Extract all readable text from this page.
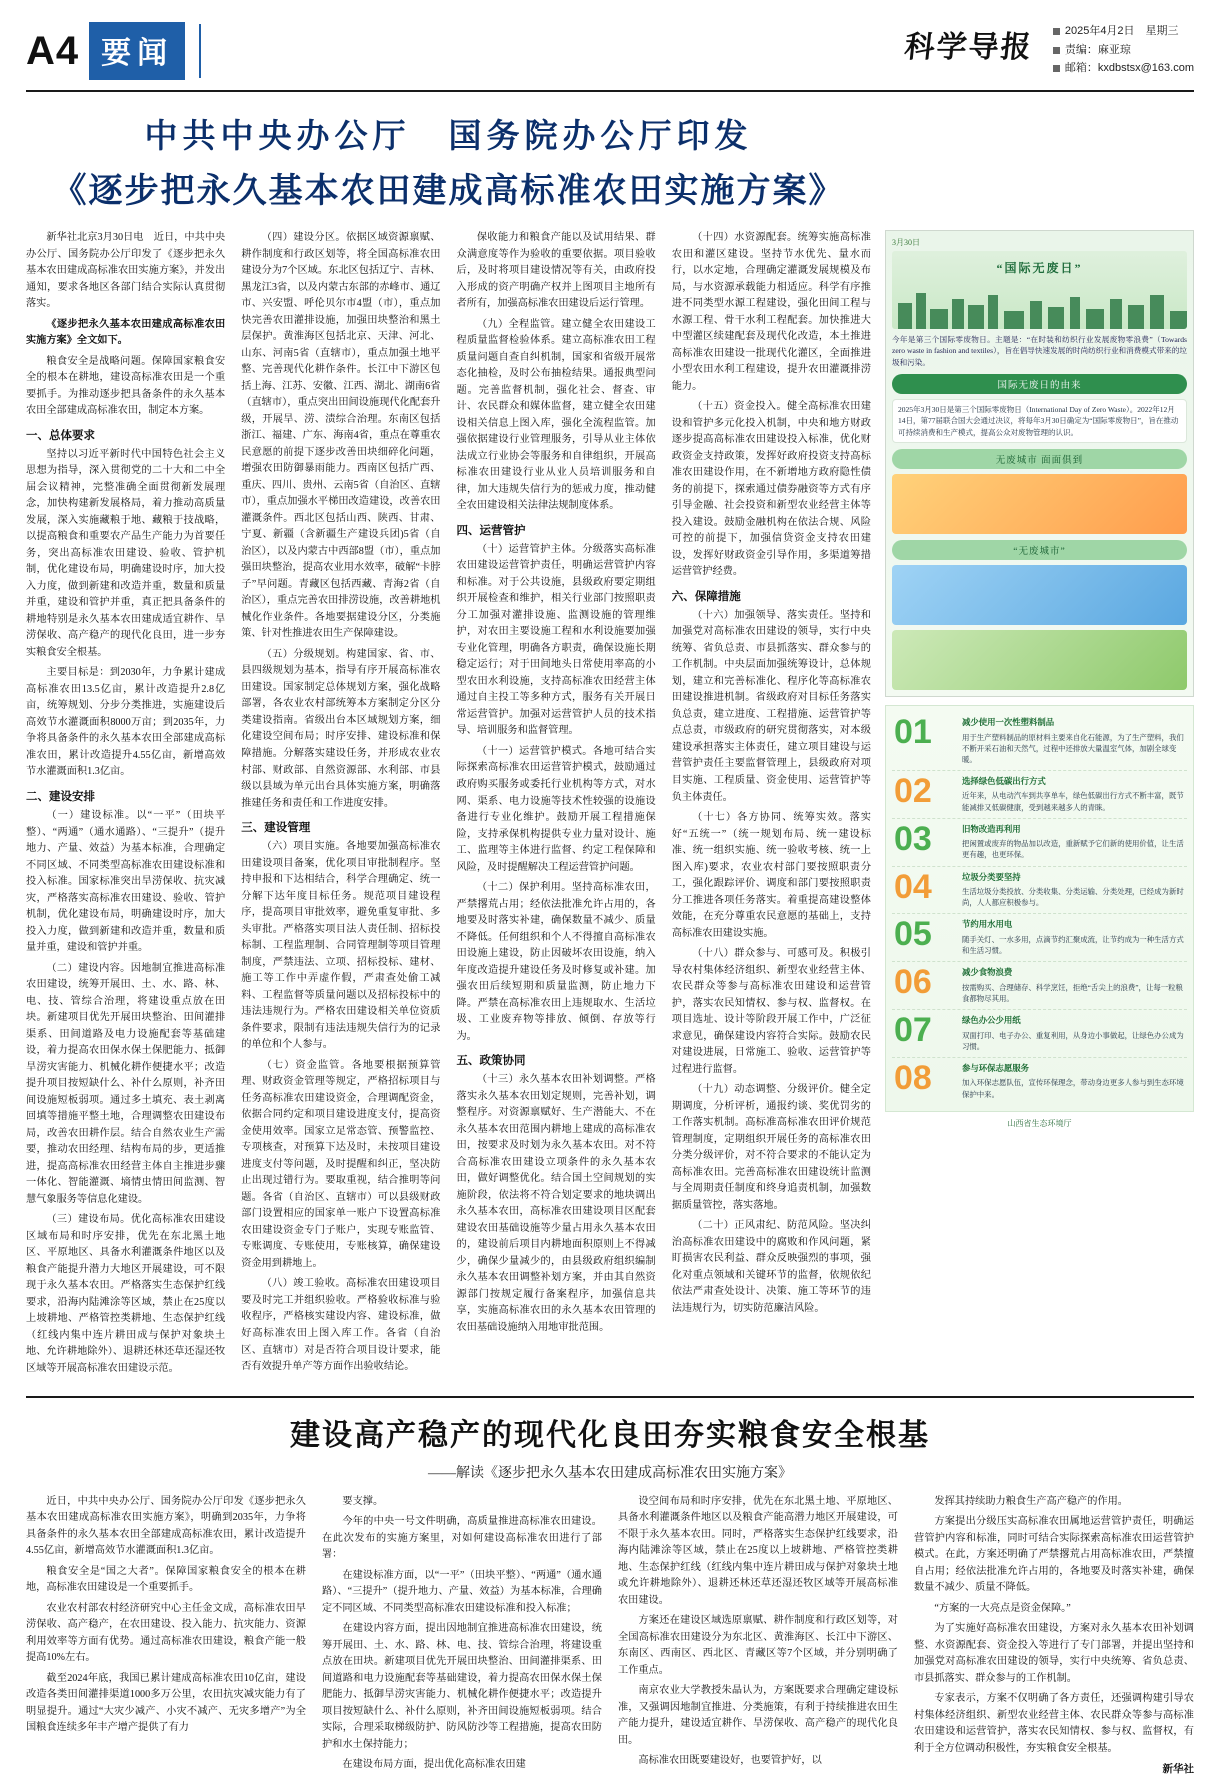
A4 要闻	科学导报	2025年4月2日　星期三
责编：麻亚琼
邮箱：kxdbstsx@163.com
中共中央办公厅　国务院办公厅印发
《逐步把永久基本农田建成高标准农田实施方案》

新华社北京3月30日电　近日，中共中央办公厅、国务院办公厅印发了《逐步把永久基本农田建成高标准农田实施方案》，并发出通知，要求各地区各部门结合实际认真贯彻落实。

《逐步把永久基本农田建成高标准农田实施方案》全文如下。

粮食安全是战略问题。保障国家粮食安全的根本在耕地，建设高标准农田是一个重要抓手。为推动逐步把具备条件的永久基本农田全部建成高标准农田，制定本方案。

一、总体要求

坚持以习近平新时代中国特色社会主义思想为指导，深入贯彻党的二十大和二中全届会议精神，完整准确全面贯彻新发展理念，加快构建新发展格局，着力推动高质量发展，深入实施藏粮于地、藏粮于技战略，以提高粮食和重要农产品生产能力为首要任务，突出高标准农田建设、验收、管护机制，优化建设布局，明确建设时序，加大投入力度，做到新建和改造并重，数量和质量并重，建设和管护并重，真正把具备条件的耕地特别是永久基本农田建成适宜耕作、旱涝保收、高产稳产的现代化良田，进一步夯实粮食安全根基。

主要目标是：到2030年，力争累计建成高标准农田13.5亿亩，累计改造提升2.8亿亩，统筹规划、分步分类推进，实施建设后高效节水灌溉面积8000万亩；到2035年，力争将具备条件的永久基本农田全部建成高标准农田，累计改造提升4.55亿亩，新增高效节水灌溉面积1.3亿亩。

二、建设安排

（一）建设标准。以“一平”（田块平整）、“两通”（通水通路）、“三提升”（提升地力、产量、效益）为基本标准，合理确定不同区域、不同类型高标准农田建设标准和投入标准。国家标准突出旱涝保收、抗灾减灾，严格落实高标准农田建设、验收、管护机制，优化建设布局，明确建设时序，加大投入力度，做到新建和改造并重，数量和质量并重，建设和管护并重。

（二）建设内容。因地制宜推进高标准农田建设，统筹开展田、土、水、路、林、电、技、管综合治理，将建设重点放在田块。新建项目优先开展田块整治、田间灌排渠系、田间道路及电力设施配套等基础建设，着力提高农田保水保土保肥能力、抵御旱涝灾害能力、机械化耕作便捷水平；改造提升项目按短缺什么、补什么原则，补齐田间设施短板弱项。通过多土填充、表土剥离回填等措施平整土地，合理调整农田建设布局，改善农田耕作层。结合自然农业生产需要，推动农田经理、结构布局的步，更适推进，提高高标准农田经营主体自主推进步骤一体化、智能灌溉、墒情虫情田间监测、智慧气象服务等信息化建设。

（三）建设布局。优化高标准农田建设区域布局和时序安排，优先在东北黑土地区、平原地区、具备水利灌溉条件地区以及粮食产能提升潜力大地区开展建设，可不限现于永久基本农田。严格落实生态保护红线要求，沿海内陆滩涂等区域，禁止在25度以上坡耕地、严格管控类耕地、生态保护红线（红线内集中连片耕田成与保护对象块土地、允许耕地除外）、退耕还林还草还湿还牧区域等开展高标准农田建设示范。

（四）建设分区。依据区域资源禀赋、耕作制度和行政区划等，将全国高标准农田建设分为7个区域。东北区包括辽宁、吉林、黑龙江3省，以及内蒙古东部的赤峰市、通辽市、兴安盟、呼伦贝尔市4盟（市），重点加快完善农田灌排设施，加强田块整治和黑土层保护。黄淮海区包括北京、天津、河北、山东、河南5省（直辖市），重点加强土地平整、完善现代化耕作条件。长江中下游区包括上海、江苏、安徽、江西、湖北、湖南6省（直辖市），重点突出田间设施现代化配套升级，开展旱、涝、渍综合治理。东南区包括浙江、福建、广东、海南4省，重点在尊重农民意愿的前提下逐步改善田块细碎化问题，增强农田防御暴雨能力。西南区包括广西、重庆、四川、贵州、云南5省（自治区、直辖市），重点加强水平梯田改造建设，改善农田灌溉条件。西北区包括山西、陕西、甘肃、宁夏、新疆（含新疆生产建设兵团)5省（自治区），以及内蒙古中西部8盟（市），重点加强田块整治，提高农业用水效率，破解“卡脖子”早问题。青藏区包括西藏、青海2省（自治区），重点完善农田排涝设施，改善耕地机械化作业条件。各地要据建设分区，分类施策、针对性推进农田生产保障建设。

（五）分级规划。构建国家、省、市、县四级规划为基本，指导有序开展高标准农田建设。国家制定总体规划方案，强化战略部署，各农业农村部统筹本方案制定分区分类建设指南。省级出台本区域规划方案，细化建设空间布局；时序安排、建设标准和保障措施。分解落实建设任务，并形成农业农村部、财政部、自然资源部、水利部、市县级以县域为单元出台具体实施方案，明确落推建任务和责任和工作进度安排。

三、建设管理

（六）项目实施。各地要加强高标准农田建设项目备案，优化项目审批制程序。坚持申报和下达相结合，科学合理确定、统一分解下达年度目标任务。规范项目建设程序，提高项目审批效率，避免重复审批、多头审批。严格落实项目法人责任制、招标投标制、工程监理制、合同管理制等项目管理制度，严禁违法、立项、招标投标、建材、施工等工作中弄虚作假，严肃查处偷工减料、工程监督等质量问题以及招标投标中的违法违规行为。严格农田建设相关单位资质条件要求，限制有违法违规失信行为的记录的单位和个人参与。

（七）资金监管。各地要根据预算管理、财政资金管理等规定，严格招标项目与任务高标准农田建设资金，合理调配资金，依据合同约定和项目建设进度支付，提高资金使用效率。国家立足常态管、预警监控、专项核查，对预算下达及时，未按项目建设进度支付等问题，及时提醒和纠正，坚决防止出现过错行为。要取重视，结合推明等问题。各省（自治区、直辖市）可以县级财政部门设置相应的国家单一账户下设置高标准农田建设资金专门子账户，实现专账监管、专账调度、专账使用，专账核算，确保建设资金用到耕地上。

（八）竣工验收。高标准农田建设项目要及时完工并组织验收。严格验收标准与验收程序，严格核实建设内容、建设标准，做好高标准农田上图入库工作。各省（自治区、直辖市）对是否符合项目设计要求，能否有效提升单产等方面作出验收结论。

保收能力和粮食产能以及试用结果、群众满意度等作为验收的重要依据。项目验收后，及时将项目建设情况等有关，由政府投入形成的资产明确产权并上图项目主地所有者所有，加强高标准农田建设后运行管理。

（九）全程监管。建立健全农田建设工程质量监督检验体系。建立高标准农田工程质量问题自查自纠机制，国家和省级开展常态化抽检，及时公布抽检结果。通报典型问题。完善监督机制，强化社会、督查、审计、农民群众和媒体监督，建立健全农田建设相关信息上图入库，强化全流程监管。加强依据建设行业管理服务，引导从业主体依法成立行业协会等服务和自律组织，开展高标准农田建设行业从业人员培训服务和自律，加大违规失信行为的惩戒力度，推动健全农田建设相关法律法规制度体系。

四、运营管护

（十）运营管护主体。分级落实高标准农田建设运营管护责任，明确运营管护内容和标准。对于公共设施，县级政府要定期组织开展检查和维护，相关行业部门按照职责分工加强对灌排设施、监测设施的管理维护，对农田主要设施工程和水利设施要加强专业化管理，明确各方职责，确保设施长期稳定运行；对于田间地头日常使用率高的小型农田水利设施，支持高标准农田经营主体通过自主投工等多种方式，服务有关开展日常运营管护。加强对运营管护人员的技术指导、培训服务和监督管理。

（十一）运营管护模式。各地可结合实际探索高标准农田运营管护模式，鼓励通过政府购买服务或委托行业机构等方式，对水网、渠系、电力设施等技术性较强的设施设备进行专业化维护。鼓励开展工程措施保险，支持承保机构提供专业力量对设计、施工、监理等主体进行监督、约定工程保障和风险，及时提醒解决工程运营管护问题。

（十二）保护利用。坚持高标准农田，严禁撂荒占用；经依法批准允许占用的，各地要及时落实补建，确保数量不减少、质量不降低。任何组织和个人不得擅自高标准农田设施上建设，防止因破坏农田设施，纳入年度改造提升建设任务及时修复或补建。加强农田后续短期和质量监测，防止地力下降。严禁在高标准农田上违规取水、生活垃圾、工业废弃物等排放、倾倒、存放等行为。

五、政策协同

（十三）永久基本农田补划调整。严格落实永久基本农田划定规则，完善补划，调整程序。对资源禀赋好、生产潜能大、不在永久基本农田范围内耕地上建成的高标准农田，按要求及时划为永久基本农田。对不符合高标准农田建设立项条件的永久基本农田，做好调整优化。结合国土空间规划的实施阶段，依法将不符合划定要求的地块调出永久基本农田，高标准农田建设项目区配套建设农田基础设施等少量占用永久基本农田的，建设前后项目内耕地面积原则上不得减少，确保少量减少的，由县级政府组织编制永久基本农田调整补划方案，并由其自然资源部门按规定履行备案程序，加强信息共享，实施高标准农田的永久基本农田管理的农田基础设施纳入用地审批范围。

（十四）水资源配套。统筹实施高标准农田和灌区建设。坚持节水优先、量水而行，以水定地，合理确定灌溉发展规模及布局，与水资源承载能力相适应。科学有序推进不同类型水源工程建设，强化田间工程与水源工程、骨干水利工程配套。加快推进大中型灌区续建配套及现代化改造，本土推进高标准农田建设一批现代化灌区，全面推进小型农田水利工程建设，提升农田灌溉排涝能力。

（十五）资金投入。健全高标准农田建设和管护多元化投入机制，中央和地方财政逐步提高高标准农田建设投入标准，优化财政资金支持政策，发挥好政府投资支持高标准农田建设作用，在不新增地方政府隐性债务的前提下，探索通过债券融资等方式有序引导金融、社会投资和新型农业经营主体等投入建设。鼓励金融机构在依法合规、风险可控的前提下，加强信贷资金支持农田建设，发挥好财政资金引导作用，多渠道筹措运营管护经费。

六、保障措施

（十六）加强领导、落实责任。坚持和加强党对高标准农田建设的领导，实行中央统筹、省负总责、市县抓落实、群众参与的工作机制。中央层面加强统筹设计，总体规划，建立和完善标准化、程序化等高标准农田建设推进机制。省级政府对目标任务落实负总责，建立进度、工程措施、运营管护等点总责，市级政府的研究贯彻落实，对本级建设承担落实主体责任，建立项目建设与运营管护责任主要监督管理上，县级政府对项目实施、工程质量、资金使用、运营管护等负主体责任。

（十七）各方协同、统筹实效。落实好“五统一”（统一规划布局、统一建设标准、统一组织实施、统一验收考核、统一上图入库)要求，农业农村部门要按照职责分工，强化跟踪评价、调度和部门要按照职责分工推进各项任务落实。着重提高建设整体效能，在充分尊重农民意愿的基础上，支持高标准农田建设实施。

（十八）群众参与、可感可及。积极引导农村集体经济组织、新型农业经营主体、农民群众等参与高标准农田建设和运营管护，落实农民知情权、参与权、监督权。在项目选址、设计等阶段开展工作中，广泛征求意见，确保建设内容符合实际。鼓励农民对建设进展，日常施工、验收、运营管护等过程进行监督。

（十九）动态调整、分级评价。健全定期调度，分析评析，通报约谈、奖优罚劣的工作落实机制。高标准高标准农田评价规范管理制度，定期组织开展任务的高标准农田分类分级评价，对不符合要求的不能认定为高标准农田。完善高标准农田建设统计监测与全周期责任制度和终身追责机制，加强数据质量管控，落实落地。

（二十）正风肃纪、防范风险。坚决纠治高标准农田建设中的腐败和作风问题，紧盯损害农民利益、群众反映强烈的事项，强化对重点领域和关键环节的监督，依规依纪依法严肃查处设计、决策、施工等环节的违法违规行为，切实防范廉洁风险。

3月30日
“国际无废日”
今年是第三个国际零废物日。主题是：“在时装和纺织行业发展废物零浪费”（Towards zero waste in fashion and textiles），旨在倡导快速发展的时尚纺织行业和消费模式带来的垃圾和污染。
国际无废日的由来
2025年3月30日是第三个国际零废物日（International Day of Zero Waste）。2022年12月14日，第77届联合国大会通过决议，将每年3月30日确定为“国际零废物日”，旨在推动可持续消费和生产模式，提高公众对废物管理的认识。
无废城市 面面俱到
“无废城市”
01	减少使用一次性塑料制品
用于生产塑料制品的原材料主要来自化石能源，为了生产塑料，我们不断开采石油和天然气，过程中还排放大量温室气体，加剧全球变暖。
02	选择绿色低碳出行方式
近年来，从电动汽车到共享单车，绿色低碳出行方式不断丰富，既节能减排又低碳健康，受到越来越多人的青睐。
03	旧物改造再利用
把闲置或废弃的物品加以改造，重新赋予它们新的使用价值，让生活更有趣，也更环保。
04	垃圾分类要坚持
生活垃圾分类投放、分类收集、分类运输、分类处理，已经成为新时尚，人人都应积极参与。
05	节约用水用电
随手关灯、一水多用，点滴节约汇聚成流，让节约成为一种生活方式和生活习惯。
06	减少食物浪费
按需购买、合理储存、科学烹饪，拒绝“舌尖上的浪费”，让每一粒粮食都物尽其用。
07	绿色办公少用纸
双面打印、电子办公、重复利用，从身边小事做起，让绿色办公成为习惯。
08	参与环保志愿服务
加入环保志愿队伍，宣传环保理念，带动身边更多人参与到生态环境保护中来。
山西省生态环境厅
建设高产稳产的现代化良田夯实粮食安全根基
——解读《逐步把永久基本农田建成高标准农田实施方案》

近日，中共中央办公厅、国务院办公厅印发《逐步把永久基本农田建成高标准农田实施方案》，明确到2035年，力争将具备条件的永久基本农田全部建成高标准农田，累计改造提升4.55亿亩，新增高效节水灌溉面积1.3亿亩。

粮食安全是“国之大者”。保障国家粮食安全的根本在耕地，高标准农田建设是一个重要抓手。

农业农村部农村经济研究中心主任金文成，高标准农田早涝保收、高产稳产，在农田建设、投入能力、抗灾能力、资源利用效率等方面有优势。通过高标准农田建设，粮食产能一般提高10%左右。

截至2024年底，我国已累计建成高标准农田10亿亩，建设改造各类田间灌排渠道1000多万公里，农田抗灾减灾能力有了明显提升。通过“大灾少减产、小灾不减产、无灾多增产”为全国粮食连续多年丰产增产提供了有力

要支撑。

今年的中央一号文件明确，高质量推进高标准农田建设。在此次发布的实施方案里，对如何建设高标准农田进行了部署：

在建设标准方面，以“一平”（田块平整）、“两通”（通水通路）、“三提升”（提升地力、产量、效益）为基本标准，合理确定不同区域、不同类型高标准农田建设标准和投入标准；

在建设内容方面，提出因地制宜推进高标准农田建设，统筹开展田、土、水、路、林、电、技、管综合治理，将建设重点放在田块。新建项目优先开展田块整治、田间灌排渠系、田间道路和电力设施配套等基础建设，着力提高农田保水保土保肥能力、抵御旱涝灾害能力、机械化耕作便捷水平；改造提升项目按短缺什么、补什么原则，补齐田间设施短板弱项。结合实际，合理采取梯级防护、防风防沙等工程措施，提高农田防护和水土保持能力；

在建设布局方面，提出优化高标准农田建

设空间布局和时序安排，优先在东北黑土地、平原地区、具备水利灌溉条件地区以及粮食产能高潜力地区开展建设，可不限于永久基本农田。同时，严格落实生态保护红线要求，沿海内陆滩涂等区域，禁止在25度以上坡耕地、严格管控类耕地、生态保护红线（红线内集中连片耕田成与保护对象块土地或允许耕地除外）、退耕还林还草还湿还牧区域等开展高标准农田建设。

方案还在建设区域选原禀赋、耕作制度和行政区划等，对全国高标准农田建设分为东北区、黄淮海区、长江中下游区、东南区、西南区、西北区、青藏区等7个区域，并分别明确了工作重点。

南京农业大学教授朱晶认为，方案既要求合理确定建设标准，又强调因地制宜推进、分类施策，有利于持续推进农田生产能力提升，建设适宜耕作、旱涝保收、高产稳产的现代化良田。

高标准农田既要建设好，也要管护好，以

发挥其持续助力粮食生产高产稳产的作用。

方案提出分级压实高标准农田属地运营管护责任，明确运营管护内容和标准，同时可结合实际探索高标准农田运营管护模式。在此，方案还明确了严禁撂荒占用高标准农田，严禁擅自占用；经依法批准允许占用的，各地要及时落实补建，确保数量不减少、质量不降低。

“方案的一大亮点是资金保障。”

为了实施好高标准农田建设，方案对永久基本农田补划调整、水资源配套、资金投入等进行了专门部署，并提出坚持和加强党对高标准农田建设的领导，实行中央统筹、省负总责、市县抓落实、群众参与的工作机制。

专家表示，方案不仅明确了各方责任，还强调构建引导农村集体经济组织、新型农业经营主体、农民群众等参与高标准农田建设和运营管护，落实农民知情权、参与权、监督权，有利于全方位调动积极性，夯实粮食安全根基。

新华社
